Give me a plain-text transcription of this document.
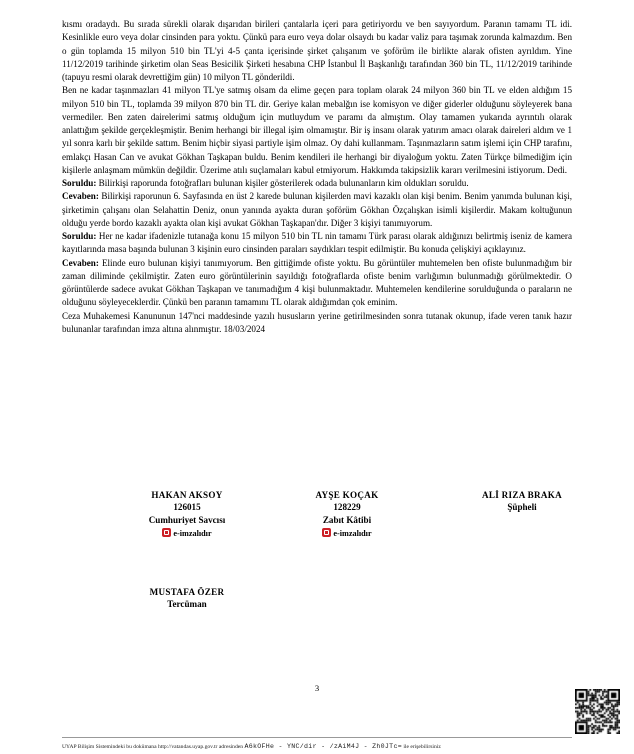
kısmı oradaydı. Bu sırada sürekli olarak dışarıdan birileri çantalarla içeri para getiriyordu ve ben sayıyordum. Paranın tamamı TL idi. Kesinlikle euro veya dolar cinsinden para yoktu. Çünkü para euro veya dolar olsaydı bu kadar valiz para taşımak zorunda kalmazdım. Ben o gün toplamda 15 milyon 510 bin TL'yi 4-5 çanta içerisinde şirket çalışanım ve şoförüm ile birlikte alarak ofisten ayrıldım. Yine 11/12/2019 tarihinde şirketim olan Seas Besicilik Şirketi hesabına CHP İstanbul İl Başkanlığı tarafından 360 bin TL, 11/12/2019 tarihinde (tapuyu resmi olarak devrettiğim gün) 10 milyon TL gönderildi.

Ben ne kadar taşınmazları 41 milyon TL'ye satmış olsam da elime geçen para toplam olarak 24 milyon 360 bin TL ve elden aldığım 15 milyon 510 bin TL, toplamda 39 milyon 870 bin TL dir. Geriye kalan mebalğın ise komisyon ve diğer giderler olduğunu söyleyerek bana vermediler. Ben zaten dairelerimi satmış olduğum için mutluydum ve paramı da almıştım. Olay tamamen yukarıda ayrıntılı olarak anlattığım şekilde gerçekleşmiştir. Benim herhangi bir illegal işim olmamıştır. Bir iş insanı olarak yatırım amacı olarak daireleri aldım ve 1 yıl sonra karlı bir şekilde sattım. Benim hiçbir siyasi partiyle işim olmaz. Oy dahi kullanmam. Taşınmazların satım işlemi için CHP tarafını, emlakçı Hasan Can ve avukat Gökhan Taşkapan buldu. Benim kendileri ile herhangi bir diyaloğum yoktu. Zaten Türkçe bilmediğim için kişilerle anlaşmam mümkün değildir. Üzerime atılı suçlamaları kabul etmiyorum. Hakkımda takipsizlik kararı verilmesini istiyorum. Dedi.

Soruldu: Bilirkişi raporunda fotoğrafları bulunan kişiler gösterilerek odada bulunanların kim oldukları soruldu.

Cevaben: Bilirkişi raporunun 6. Sayfasında en üst 2 karede bulunan kişilerden mavi kazaklı olan kişi benim. Benim yanımda bulunan kişi, şirketimin çalışanı olan Selahattin Deniz, onun yanında ayakta duran şoförüm Gökhan Özçalışkan isimli kişilerdir. Makam koltuğunun olduğu yerde bordo kazaklı ayakta olan kişi avukat Gökhan Taşkapan'dır. Diğer 3 kişiyi tanımıyorum.

Soruldu: Her ne kadar ifadenizle tutanağa konu 15 milyon 510 bin TL nin tamamı Türk parası olarak aldığınızı belirtmiş iseniz de kamera kayıtlarında masa başında bulunan 3 kişinin euro cinsinden paraları saydıkları tespit edilmiştir. Bu konuda çelişkiyi açıklayınız.

Cevaben: Elinde euro bulunan kişiyi tanımıyorum. Ben gittiğimde ofiste yoktu. Bu görüntüler muhtemelen ben ofiste bulunmadığım bir zaman diliminde çekilmiştir. Zaten euro görüntülerinin sayıldığı fotoğraflarda ofiste benim varlığımın bulunmadığı görülmektedir. O görüntülerde sadece avukat Gökhan Taşkapan ve tanımadığım 4 kişi bulunmaktadır. Muhtemelen kendilerine sorulduğunda o paraların ne olduğunu söyleyeceklerdir. Çünkü ben paranın tamamını TL olarak aldığımdan çok eminim.

Ceza Muhakemesi Kanununun 147'nci maddesinde yazılı hususların yerine getirilmesinden sonra tutanak okunup, ifade veren tanık hazır bulunanlar tarafından imza altına alınmıştır. 18/03/2024

HAKAN AKSOY
126015
Cumhuriyet Savcısı
e-imzalıdır
AYŞE KOÇAK
128229
Zabıt Kâtibi
e-imzalıdır
ALİ RIZA BRAKA
Şüpheli
MUSTAFA ÖZER
Tercüman
3
UYAP Bilişim Sistemindeki bu dokümana http://vatandas.uyap.gov.tr adresinden A6kOFHe - YNC/dir - /zAiM4J - Zh0JTc= ile erişebilirsiniz
